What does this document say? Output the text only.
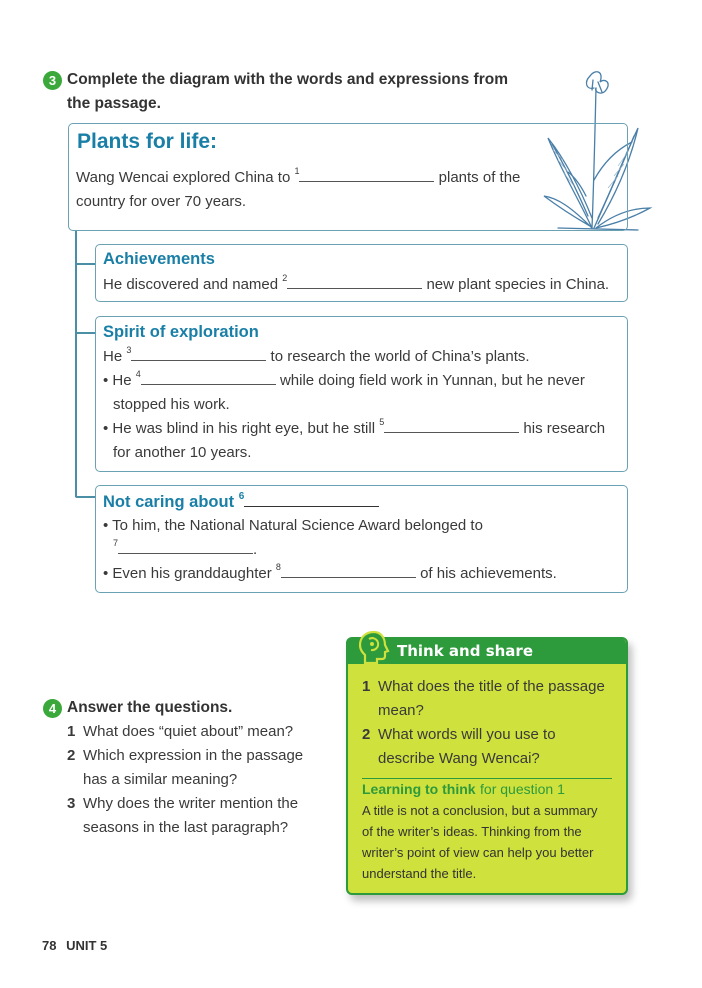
3 Complete the diagram with the words and expressions from
the passage.
Plants for life:
Wang Wencai explored China to $^1$	plants of the
country for over 70 years.
Achievements
He discovered and named $^2$	new plant species in China.
Spirit of exploration
He $^3$	to research the world of China’s plants.
• He $^4$	while doing field work in Yunnan, but he never
stopped his work.
• He was blind in his right eye, but he still $^5$	his research
for another 10 years.
Not caring about $^6$
• To him, the National Natural Science Award belonged to
$^7$	.
• Even his granddaughter $^8$	of his achievements.
4 Answer the questions.
1 What does “quiet about” mean?
2 Which expression in the passage
has a similar meaning?
3 Why does the writer mention the
seasons in the last paragraph?
Think and share
1 What does the title of the passage
mean?
2 What words will you use to
describe Wang Wencai?
Learning to think for question 1
A title is not a conclusion, but a summary
of the writer’s ideas. Thinking from the
writer’s point of view can help you better
understand the title.
78 UNIT 5
